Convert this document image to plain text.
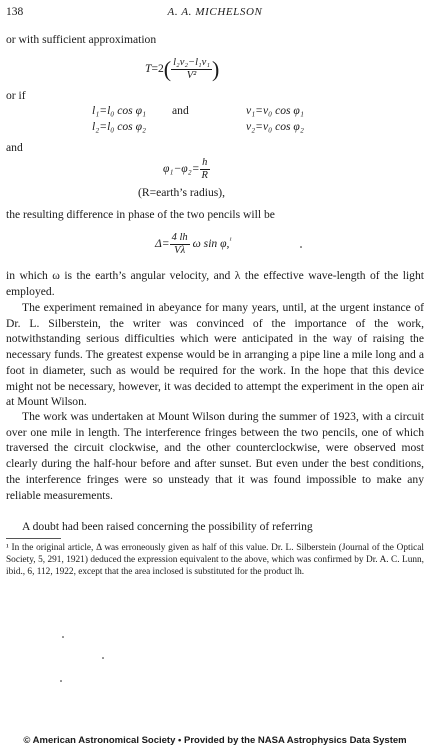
138	A. A. MICHELSON

or with sufficient approximation

$T=2( \frac{\text{l₂v₂−l₁v₁}}{\text{V²}}$ )

or if

l₁=l₀ cos φ₁ and	v₁=v₀ cos φ₁
l₂=l₀ cos φ₂	v₂=v₀ cos φ₂

and

$\varphi_1-\varphi_2= \frac{h}{R}$
(R=earth’s radius),

the resulting difference in phase of the two pencils will be

$\Delta= \frac{4 lh}{V\lambda}$ ω sin φ,$^{^1}$

in which ω is the earth’s angular velocity, and λ the effective wave-length of the light employed.

The experiment remained in abeyance for many years, until, at the urgent instance of Dr. L. Silberstein, the writer was convinced of the importance of the work, notwithstanding serious difficulties which were anticipated in the way of raising the necessary funds. The greatest expense would be in arranging a pipe line a mile long and a foot in diameter, such as would be required for the work. In the hope that this device might not be necessary, however, it was decided to attempt the experiment in the open air at Mount Wilson.

The work was undertaken at Mount Wilson during the summer of 1923, with a circuit over one mile in length. The interference fringes between the two pencils, one of which traversed the circuit clockwise, and the other counterclockwise, were observed most clearly during the half-hour before and after sunset. But even under the best conditions, the interference fringes were so unsteady that it was found impossible to make any reliable measurements.

A doubt had been raised concerning the possibility of referring

¹ In the original article, Δ was erroneously given as half of this value. Dr. L. Silberstein (Journal of the Optical Society, 5, 291, 1921) deduced the expression equivalent to the above, which was confirmed by Dr. A. C. Lunn, ibid., 6, 112, 1922, except that the area inclosed is substituted for the product lh.
© American Astronomical Society • Provided by the NASA Astrophysics Data System
